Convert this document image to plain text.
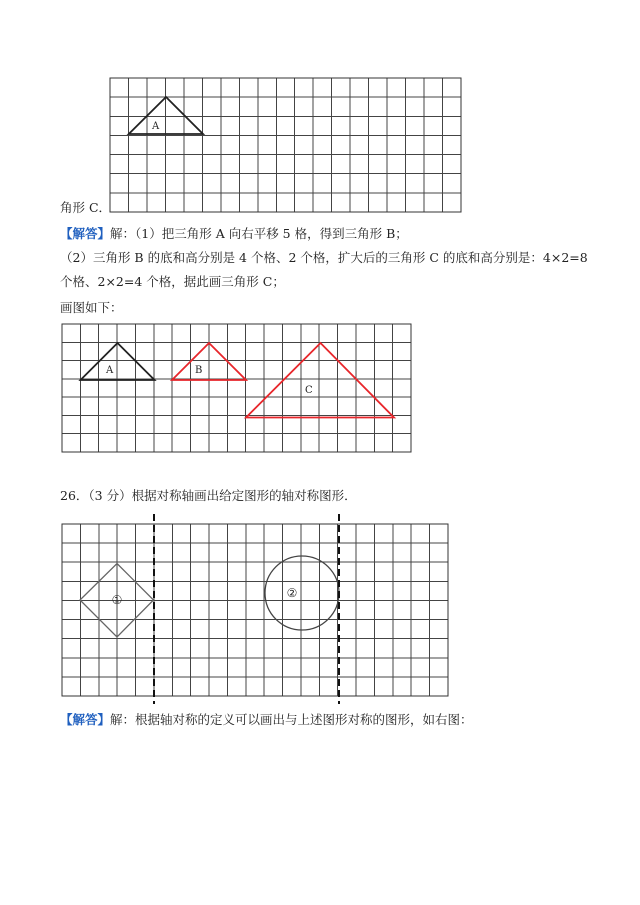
A
角形 C．
【解答】解：（1）把三角形 A 向右平移 5 格，得到三角形 B；
（2）三角形 B 的底和高分别是 4 个格、2 个格，扩大后的三角形 C 的底和高分别是：4×2=8
个格、2×2=4 个格，据此画三角形 C；
画图如下：
A	B
C
26．（3 分）根据对称轴画出给定图形的轴对称图形．
①	②
【解答】解：根据轴对称的定义可以画出与上述图形对称的图形，如右图：
